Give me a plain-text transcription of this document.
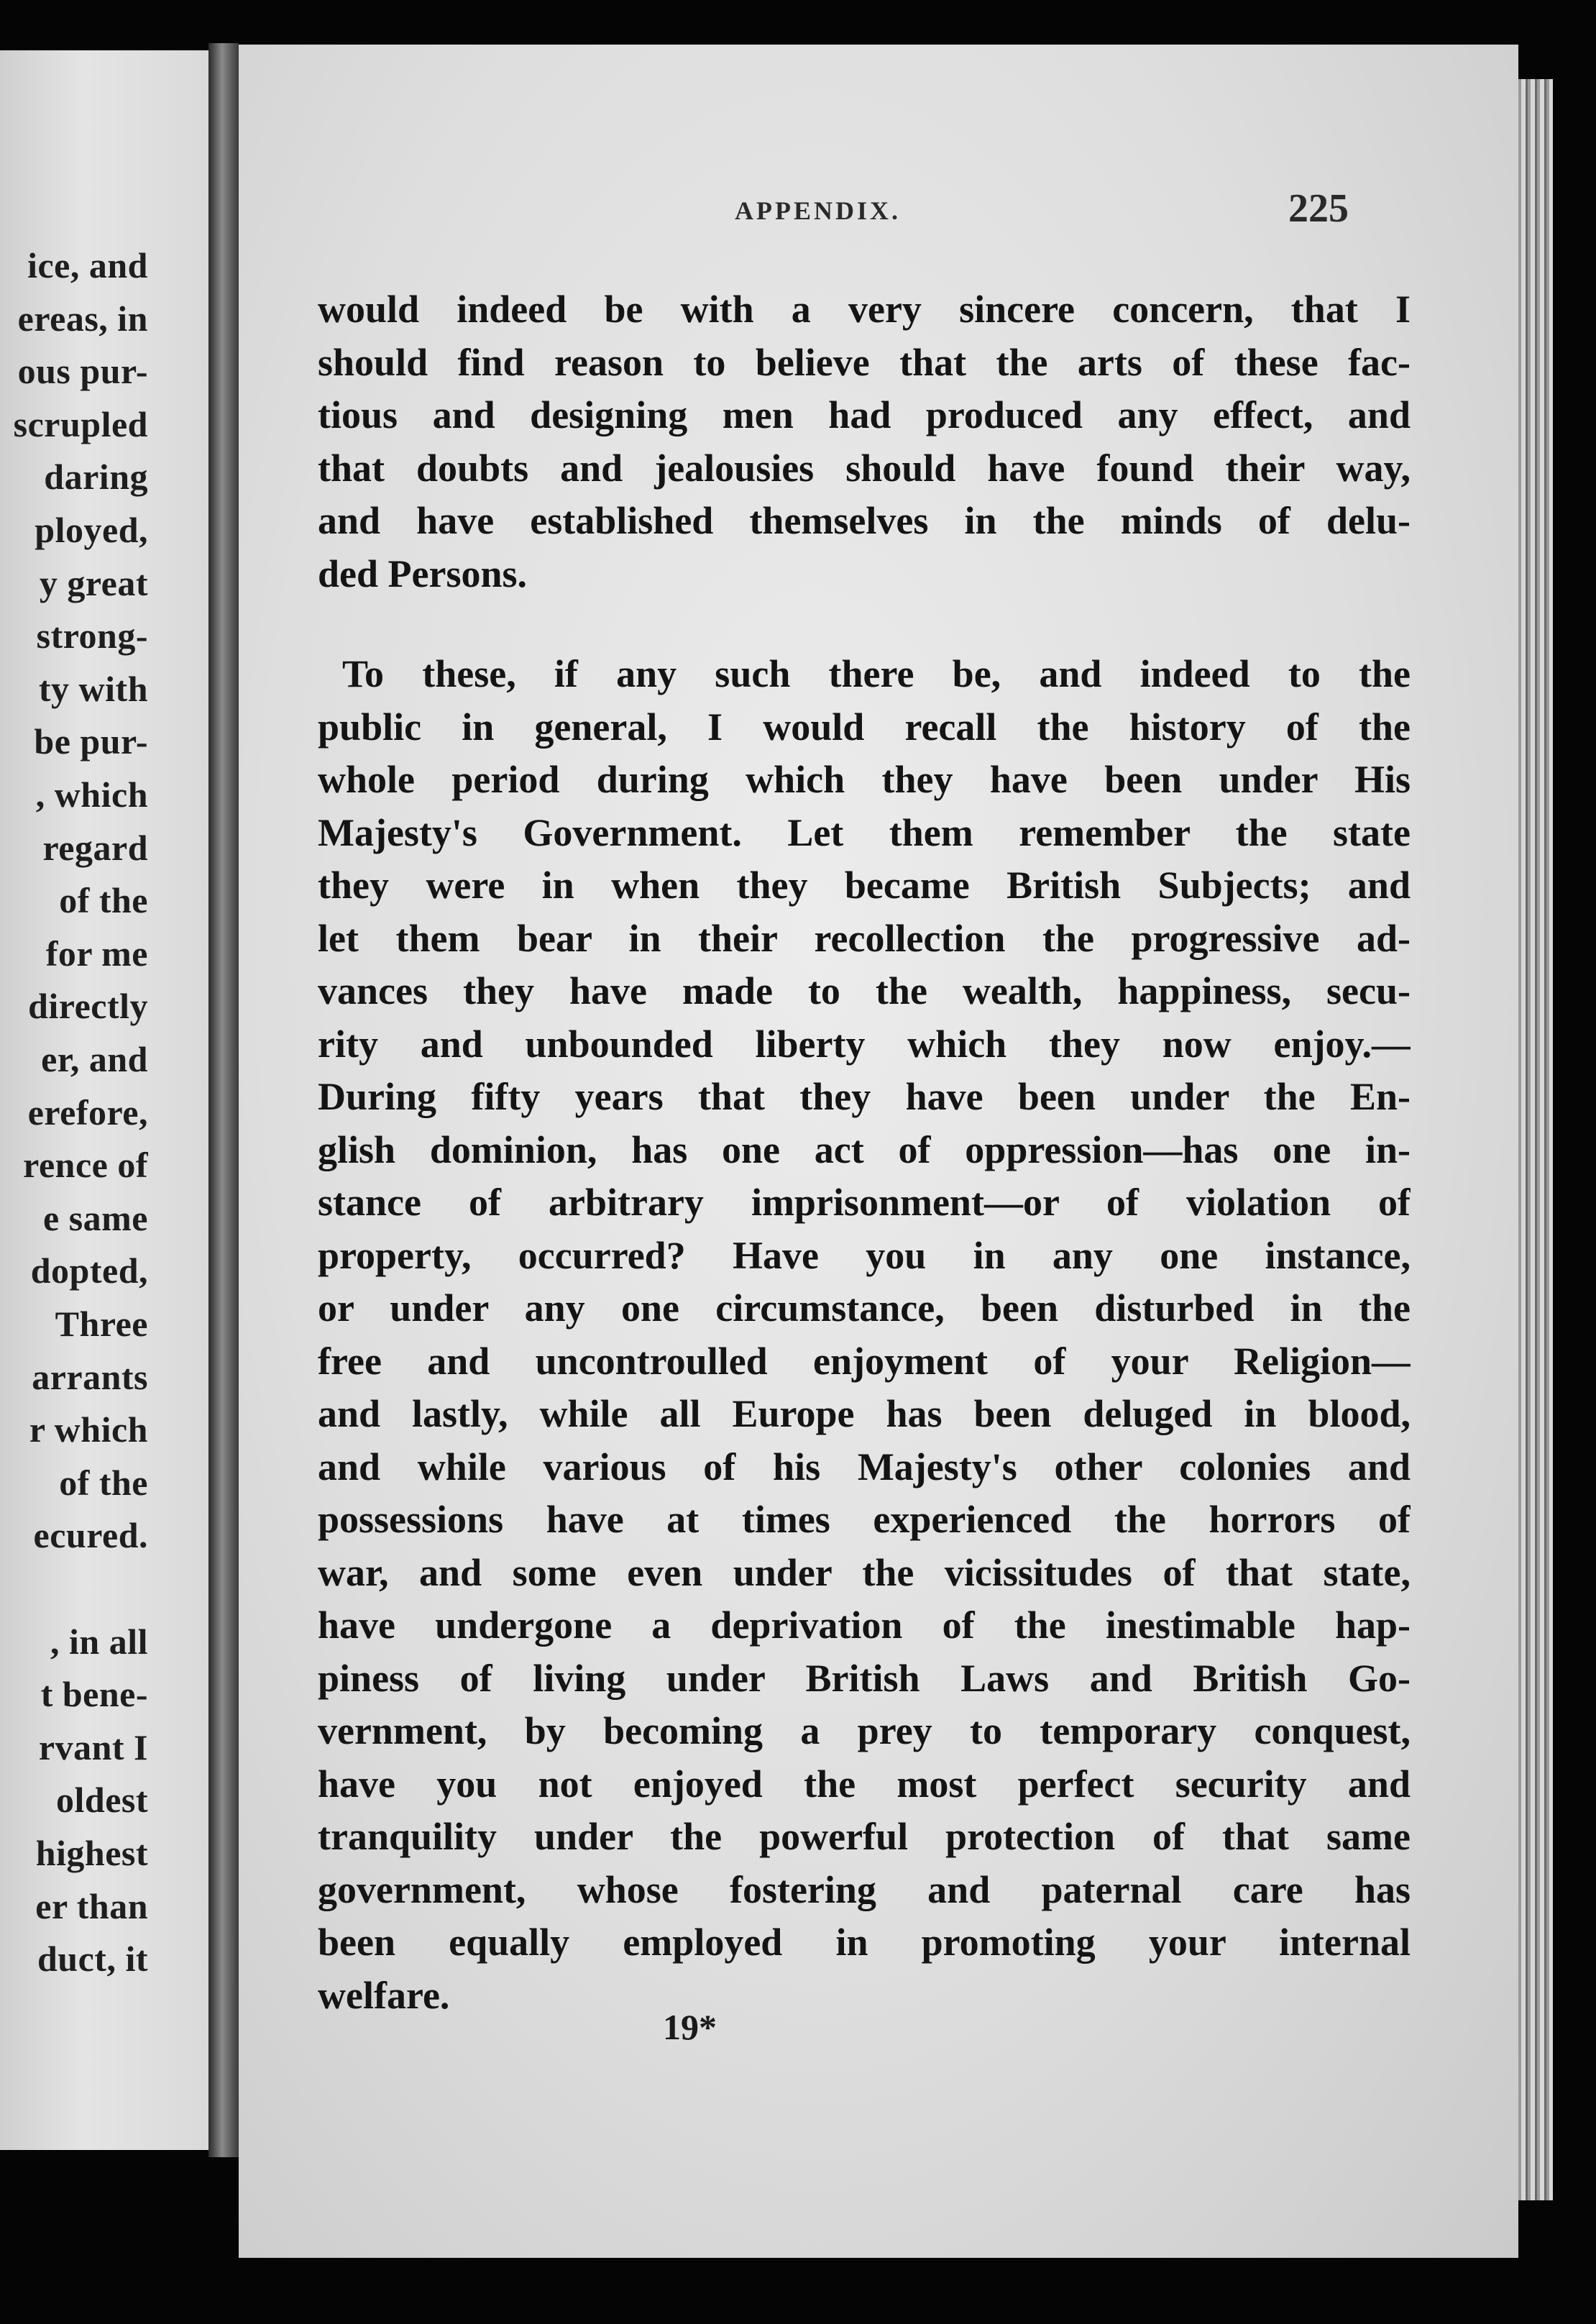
ice, and
ereas, in
ous pur-
scrupled
daring
ployed,
y great
strong-
ty with
be pur-
, which
regard
of the
for me
directly
er, and
erefore,
rence of
e same
dopted,
Three
arrants
r which
of the
ecured.
, in all
t bene-
rvant I
oldest
highest
er than
duct, it
APPENDIX.	225
would indeed be with a very sincere concern, that I
should find reason to believe that the arts of these fac-
tious and designing men had produced any effect, and
that doubts and jealousies should have found their way,
and have established themselves in the minds of delu-
ded Persons.
To these, if any such there be, and indeed to the
public in general, I would recall the history of the
whole period during which they have been under His
Majesty's Government. Let them remember the state
they were in when they became British Subjects; and
let them bear in their recollection the progressive ad-
vances they have made to the wealth, happiness, secu-
rity and unbounded liberty which they now enjoy.—
During fifty years that they have been under the En-
glish dominion, has one act of oppression—has one in-
stance of arbitrary imprisonment—or of violation of
property, occurred? Have you in any one instance,
or under any one circumstance, been disturbed in the
free and uncontroulled enjoyment of your Religion—
and lastly, while all Europe has been deluged in blood,
and while various of his Majesty's other colonies and
possessions have at times experienced the horrors of
war, and some even under the vicissitudes of that state,
have undergone a deprivation of the inestimable hap-
piness of living under British Laws and British Go-
vernment, by becoming a prey to temporary conquest,
have you not enjoyed the most perfect security and
tranquility under the powerful protection of that same
government, whose fostering and paternal care has
been equally employed in promoting your internal
welfare.
19*
